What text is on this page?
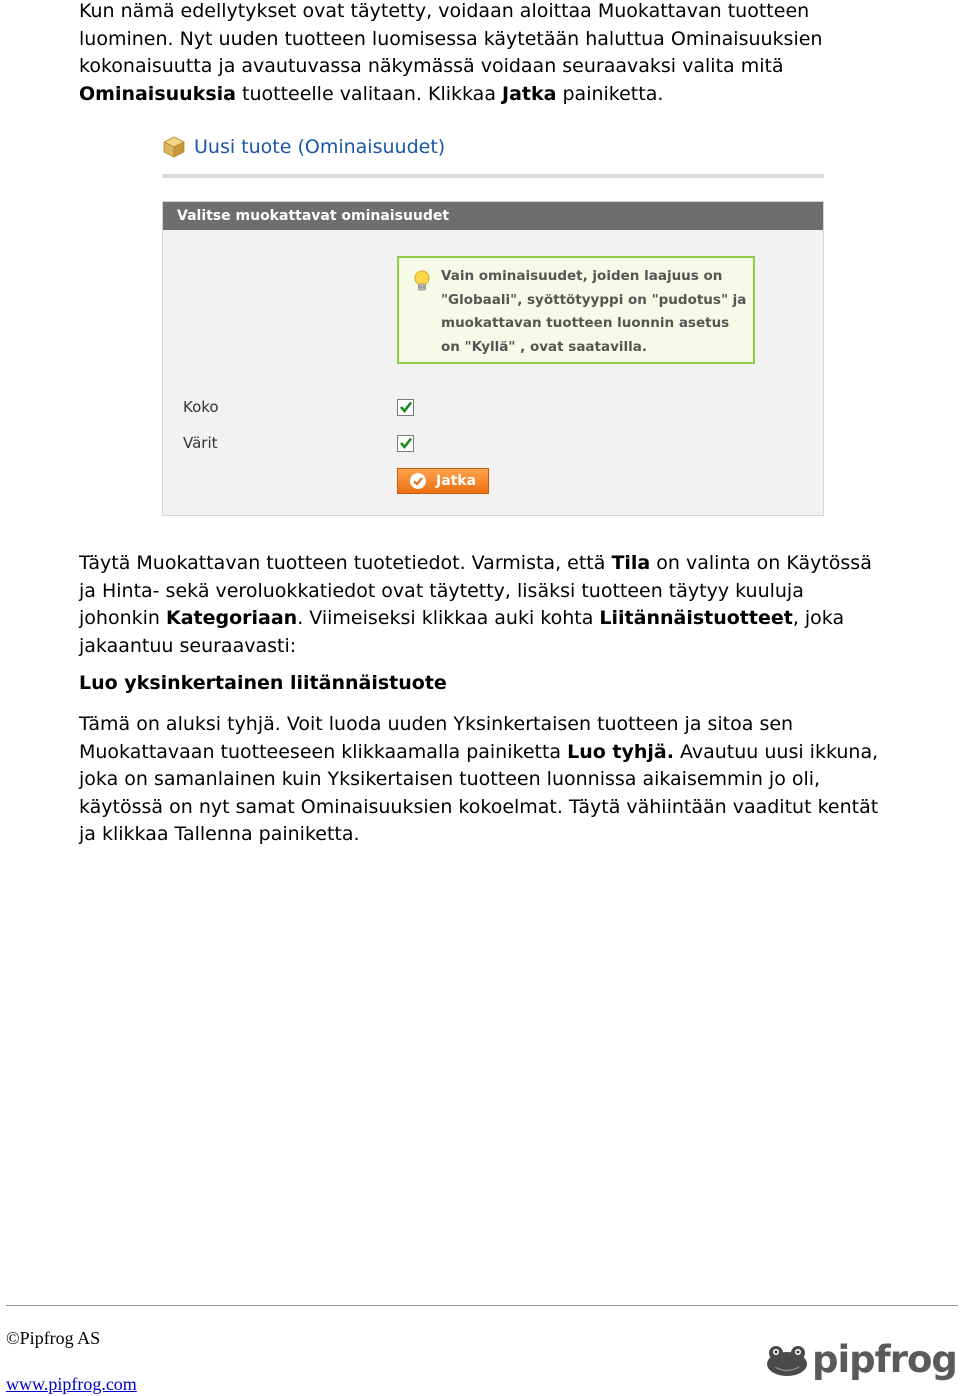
Kun nämä edellytykset ovat täytetty, voidaan aloittaa Muokattavan tuotteen luominen. Nyt uuden tuotteen luomisessa käytetään haluttua Ominaisuuksien kokonaisuutta ja avautuvassa näkymässä voidaan seuraavaksi valita mitä Ominaisuuksia tuotteelle valitaan. Klikkaa Jatka painiketta.
Uusi tuote (Ominaisuudet)
Valitse muokattavat ominaisuudet
Vain ominaisuudet, joiden laajuus on "Globaali", syöttötyyppi on "pudotus" ja muokattavan tuotteen luonnin asetus on "Kyllä" , ovat saatavilla.
Koko
Värit
Jatka
Täytä Muokattavan tuotteen tuotetiedot. Varmista, että Tila on valinta on Käytössä ja Hinta- sekä veroluokkatiedot ovat täytetty, lisäksi tuotteen täytyy kuuluja johonkin Kategoriaan. Viimeiseksi klikkaa auki kohta Liitännäistuotteet, joka jakaantuu seuraavasti:
Luo yksinkertainen liitännäistuote
Tämä on aluksi tyhjä. Voit luoda uuden Yksinkertaisen tuotteen ja sitoa sen Muokattavaan tuotteeseen klikkaamalla painiketta Luo tyhjä. Avautuu uusi ikkuna, joka on samanlainen kuin Yksikertaisen tuotteen luonnissa aikaisemmin jo oli, käytössä on nyt samat Ominaisuuksien kokoelmat. Täytä vähiintään vaaditut kentät ja klikkaa Tallenna painiketta.
©Pipfrog AS
www.pipfrog.com
pipfrog
